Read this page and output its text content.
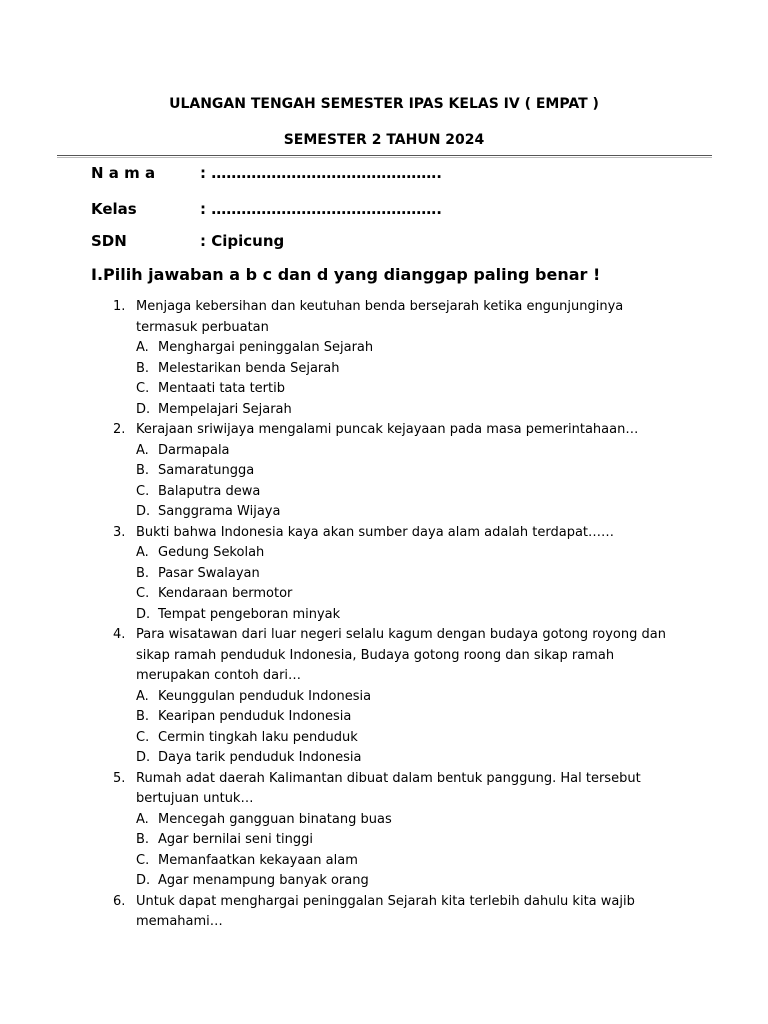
ULANGAN TENGAH SEMESTER IPAS KELAS IV ( EMPAT )
SEMESTER 2 TAHUN 2024
N a m a	: ……………………………………….
Kelas	: ……………………………………….
SDN	: Cipicung
I.Pilih jawaban a b c dan d yang dianggap paling benar !
1. Menjaga kebersihan dan keutuhan benda bersejarah ketika engunjunginya termasuk perbuatan
A. Menghargai peninggalan Sejarah
B. Melestarikan benda Sejarah
C. Mentaati tata tertib
D. Mempelajari Sejarah
2. Kerajaan sriwijaya mengalami puncak kejayaan pada masa pemerintahaan…
A. Darmapala
B. Samaratungga
C. Balaputra dewa
D. Sanggrama Wijaya
3. Bukti bahwa Indonesia kaya akan sumber daya alam adalah terdapat……
A. Gedung Sekolah
B. Pasar Swalayan
C. Kendaraan bermotor
D. Tempat pengeboran minyak
4. Para wisatawan dari luar negeri selalu kagum dengan budaya gotong royong dan sikap ramah penduduk Indonesia, Budaya gotong roong dan sikap ramah merupakan contoh dari…
A. Keunggulan penduduk Indonesia
B. Kearipan penduduk Indonesia
C. Cermin tingkah laku penduduk
D. Daya tarik penduduk Indonesia
5. Rumah adat daerah Kalimantan dibuat dalam bentuk panggung. Hal tersebut bertujuan untuk…
A. Mencegah gangguan binatang buas
B. Agar bernilai seni tinggi
C. Memanfaatkan kekayaan alam
D. Agar menampung banyak orang
6. Untuk dapat menghargai peninggalan Sejarah kita terlebih dahulu kita wajib memahami…
